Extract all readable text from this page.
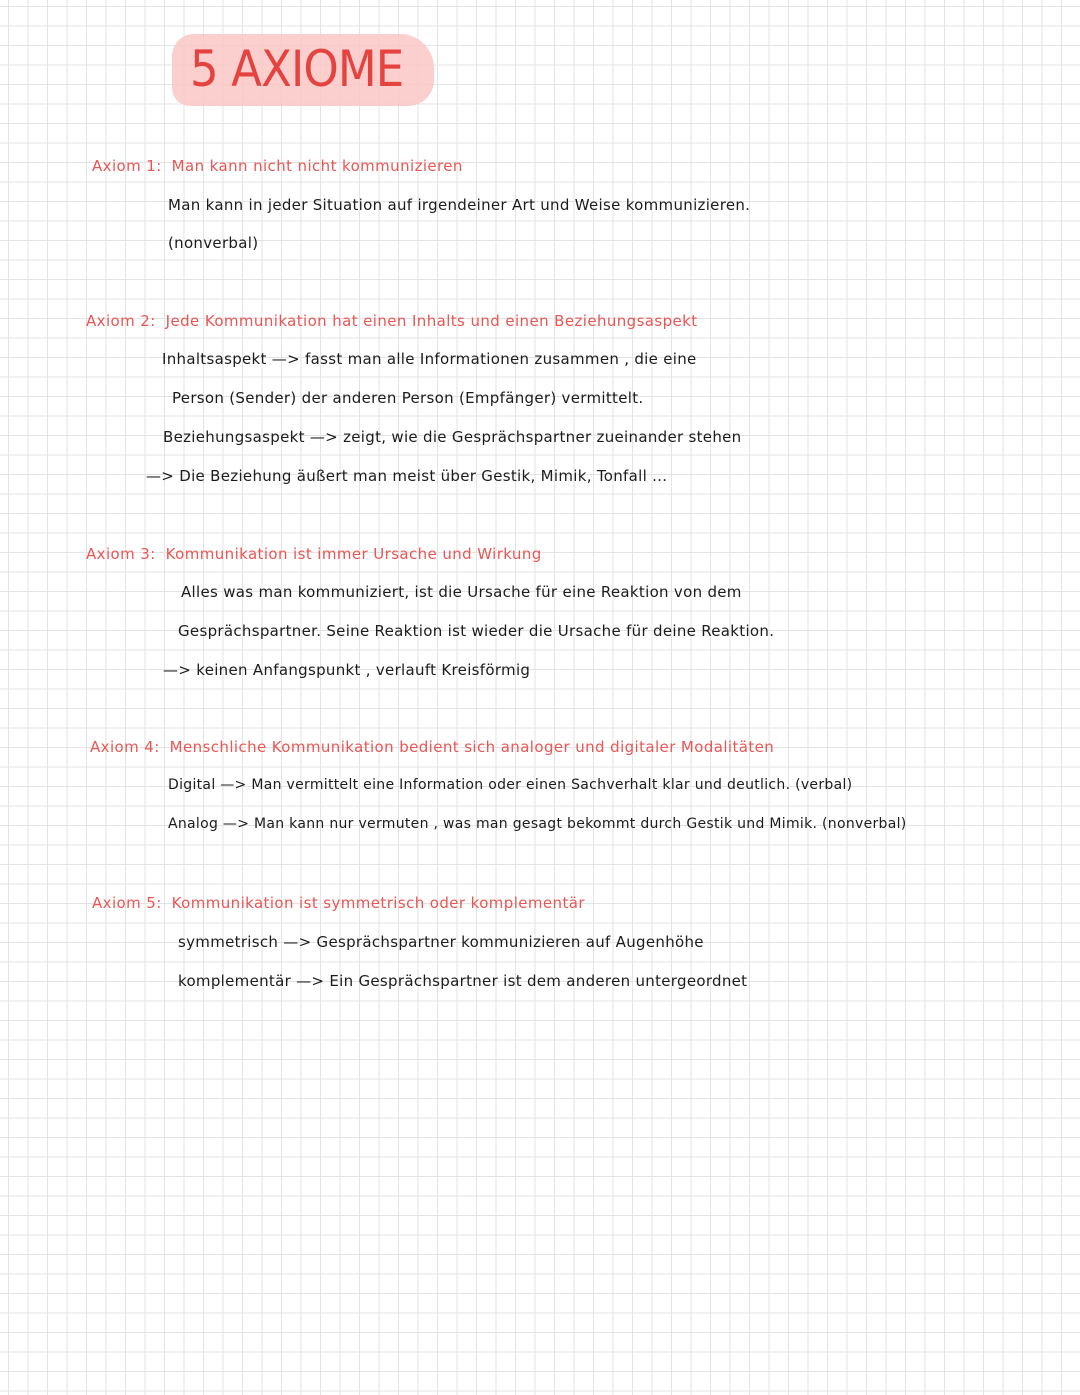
5 AXIOME
Axiom 1: Man kann nicht nicht kommunizieren
Man kann in jeder Situation auf irgendeiner Art und Weise kommunizieren.
(nonverbal)
Axiom 2: Jede Kommunikation hat einen Inhalts und einen Beziehungsaspekt
Inhaltsaspekt —> fasst man alle Informationen zusammen , die eine
Person (Sender) der anderen Person (Empfänger) vermittelt.
Beziehungsaspekt —> zeigt, wie die Gesprächspartner zueinander stehen
—> Die Beziehung äußert man meist über Gestik, Mimik, Tonfall ...
Axiom 3: Kommunikation ist immer Ursache und Wirkung
Alles was man kommuniziert, ist die Ursache für eine Reaktion von dem
Gesprächspartner. Seine Reaktion ist wieder die Ursache für deine Reaktion.
—> keinen Anfangspunkt , verlauft Kreisförmig
Axiom 4: Menschliche Kommunikation bedient sich analoger und digitaler Modalitäten
Digital —> Man vermittelt eine Information oder einen Sachverhalt klar und deutlich. (verbal)
Analog —> Man kann nur vermuten , was man gesagt bekommt durch Gestik und Mimik. (nonverbal)
Axiom 5: Kommunikation ist symmetrisch oder komplementär
symmetrisch —> Gesprächspartner kommunizieren auf Augenhöhe
komplementär —> Ein Gesprächspartner ist dem anderen untergeordnet
